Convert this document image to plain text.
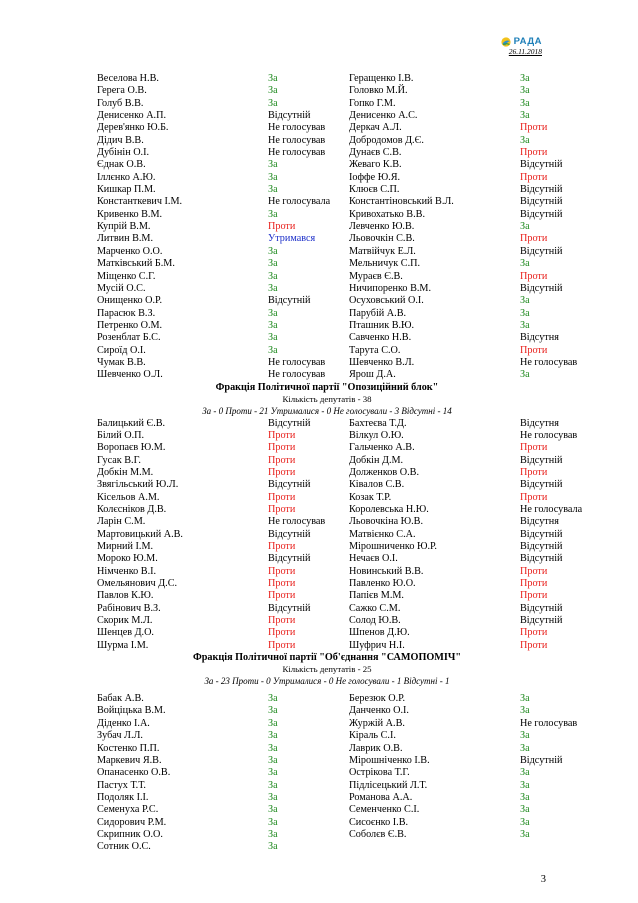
РАДА
26.11.2018
Веселова Н.В.	За	Геращенко І.В.	За
Герега О.В.	За	Головко М.Й.	За
Голуб В.В.	За	Гопко Г.М.	За
Денисенко А.П.	Відсутній	Денисенко А.С.	За
Дерев'янко Ю.Б.	Не голосував Деркач А.Л.	Проти
Дідич В.В.	Не голосував Добродомов Д.Є.	За
Дубінін О.І.	Не голосував Дунаєв С.В.	Проти
Єднак О.В.	За	Жеваго К.В.	Відсутній
Іллєнко А.Ю.	За	Іоффе Ю.Я.	Проти
Кишкар П.М.	За	Клюєв С.П.	Відсутній
Константкевич І.М.	Не голосувала Константіновський В.Л.	Відсутній
Кривенко В.М.	За	Кривохатько В.В.	Відсутній
Купрій В.М.	Проти	Левченко Ю.В.	За
Литвин В.М.	Утримався	Льовочкін С.В.	Проти
Марченко О.О.	За	Матвійчук Е.Л.	Відсутній
Матківський Б.М.	За	Мельничук С.П.	За
Міщенко С.Г.	За	Мураєв Є.В.	Проти
Мусій О.С.	За	Ничипоренко В.М.	Відсутній
Онищенко О.Р.	Відсутній	Осуховський О.І.	За
Парасюк В.З.	За	Парубій А.В.	За
Петренко О.М.	За	Пташник В.Ю.	За
Розенблат Б.С.	За	Савченко Н.В.	Відсутня
Сироїд О.І.	За	Тарута С.О.	Проти
Чумак В.В.	Не голосував Шевченко В.Л.	Не голосував
Шевченко О.Л.	Не голосував Ярош Д.А.	За
Фракція Політичної партії "Опозиційний блок"
Кількість депутатів - 38
За - 0 Проти - 21 Утрималися - 0 Не голосували - 3 Відсутні - 14
Балицький Є.В.	Відсутній	Бахтеєва Т.Д.	Відсутня
Білий О.П.	Проти	Вілкул О.Ю.	Не голосував
Воропаєв Ю.М.	Проти	Гальченко А.В.	Проти
Гусак В.Г.	Проти	Добкін Д.М.	Відсутній
Добкін М.М.	Проти	Долженков О.В.	Проти
Звягільський Ю.Л.	Відсутній	Ківалов С.В.	Відсутній
Кісельов А.М.	Проти	Козак Т.Р.	Проти
Колєсніков Д.В.	Проти	Королевська Н.Ю.	Не голосувала
Ларін С.М.	Не голосував Льовочкіна Ю.В.	Відсутня
Мартовицький А.В.	Відсутній	Матвієнко С.А.	Відсутній
Мирний І.М.	Проти	Мірошниченко Ю.Р.	Відсутній
Мороко Ю.М.	Відсутній	Нечаєв О.І.	Відсутній
Німченко В.І.	Проти	Новинський В.В.	Проти
Омельянович Д.С.	Проти	Павленко Ю.О.	Проти
Павлов К.Ю.	Проти	Папієв М.М.	Проти
Рабінович В.З.	Відсутній	Сажко С.М.	Відсутній
Скорик М.Л.	Проти	Солод Ю.В.	Відсутній
Шенцев Д.О.	Проти	Шпенов Д.Ю.	Проти
Шурма І.М.	Проти	Шуфрич Н.І.	Проти
Фракція Політичної партії "Об'єднання "САМОПОМІЧ"
Кількість депутатів - 25
За - 23 Проти - 0 Утрималися - 0 Не голосували - 1 Відсутні - 1
Бабак А.В.	За	Березюк О.Р.	За
Войціцька В.М.	За	Данченко О.І.	За
Діденко І.А.	За	Журжій А.В.	Не голосував
Зубач Л.Л.	За	Кіраль С.І.	За
Костенко П.П.	За	Лаврик О.В.	За
Маркевич Я.В.	За	Мірошніченко І.В.	Відсутній
Опанасенко О.В.	За	Острікова Т.Г.	За
Пастух Т.Т.	За	Підлісецький Л.Т.	За
Подоляк І.І.	За	Романова А.А.	За
Семенуха Р.С.	За	Семенченко С.І.	За
Сидорович Р.М.	За	Сисоєнко І.В.	За
Скрипник О.О.	За	Соболєв Є.В.	За
Сотник О.С.	За
3
